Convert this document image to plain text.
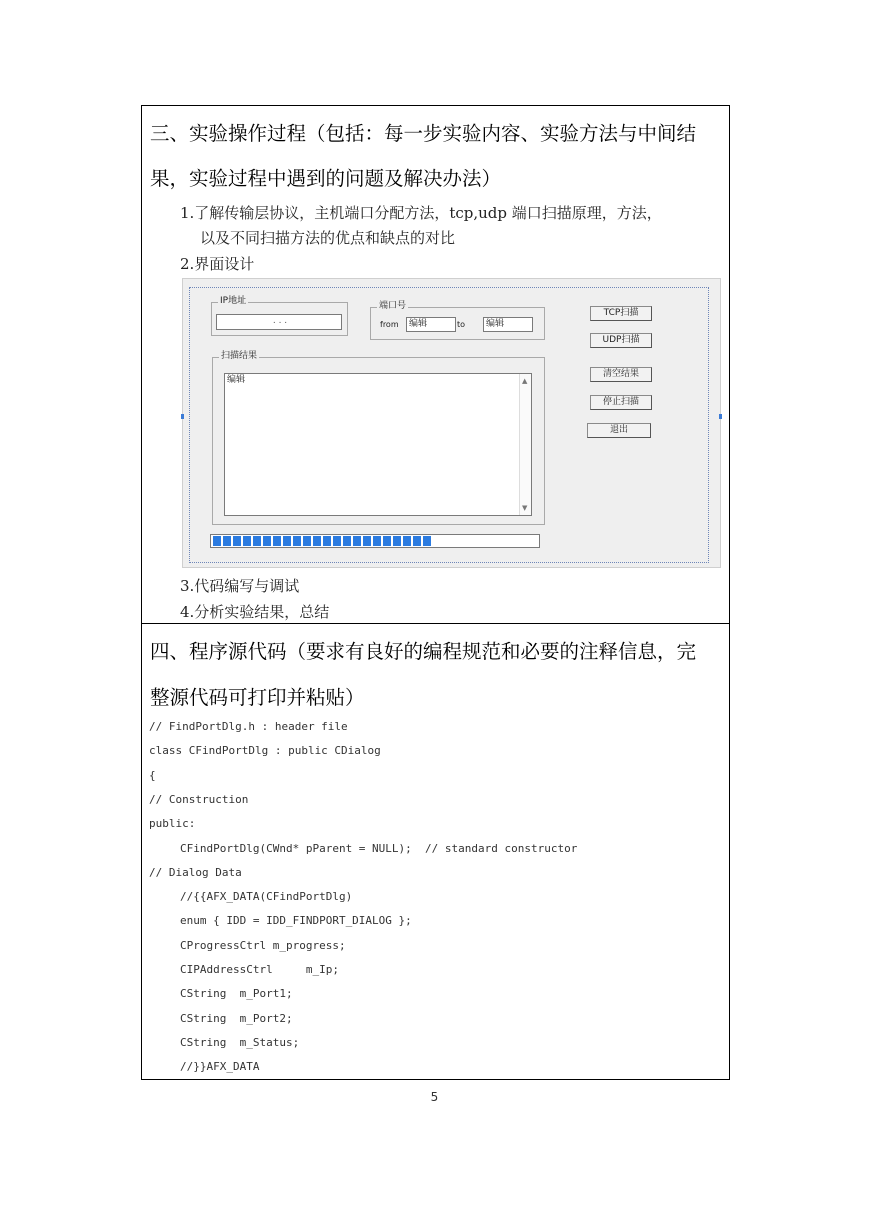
三、实验操作过程（包括：每一步实验内容、实验方法与中间结
果，实验过程中遇到的问题及解决办法）
1.了解传输层协议，主机端口分配方法，tcp,udp 端口扫描原理，方法，
以及不同扫描方法的优点和缺点的对比
2.界面设计
IP地址
. . .
端口号
from	编辑	to	编辑
TCP扫描
UDP扫描
清空结果
停止扫描
退出
扫描结果
编辑	▲
▼
3.代码编写与调试
4.分析实验结果，总结
四、程序源代码（要求有良好的编程规范和必要的注释信息，完
整源代码可打印并粘贴）
// FindPortDlg.h : header file
class CFindPortDlg : public CDialog
{
// Construction
public:
CFindPortDlg(CWnd* pParent = NULL);  // standard constructor
// Dialog Data
//{{AFX_DATA(CFindPortDlg)
enum { IDD = IDD_FINDPORT_DIALOG };
CProgressCtrl m_progress;
CIPAddressCtrl     m_Ip;
CString  m_Port1;
CString  m_Port2;
CString  m_Status;
//}}AFX_DATA
5
